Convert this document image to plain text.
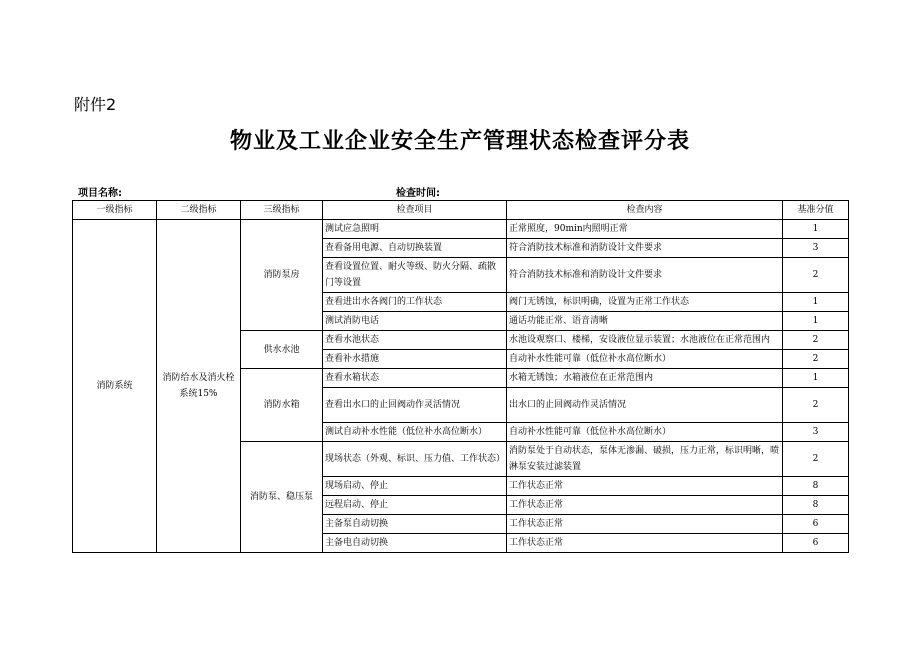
附件2
物业及工业企业安全生产管理状态检查评分表
项目名称:	检查时间:
一级指标	二级指标	三级指标	检查项目	检查内容	基准分值
消防系统	消防给水及消火栓系统15%	消防泵房	测试应急照明	正常照度，90min内照明正常	1
			查看备用电源、自动切换装置	符合消防技术标准和消防设计文件要求	3
			查看设置位置、耐火等级、防火分隔、疏散门等设置	符合消防技术标准和消防设计文件要求	2
			查看进出水各阀门的工作状态	阀门无锈蚀，标识明确，设置为正常工作状态	1
			测试消防电话	通话功能正常、语音清晰	1
		供水水池	查看水池状态	水池设观察口、楼梯，安设液位显示装置；水池液位在正常范围内	2
			查看补水措施	自动补水性能可靠（低位补水高位断水）	2
		消防水箱	查看水箱状态	水箱无锈蚀；水箱液位在正常范围内	1
			查看出水口的止回阀动作灵活情况	出水口的止回阀动作灵活情况	2
			测试自动补水性能（低位补水高位断水）	自动补水性能可靠（低位补水高位断水）	3
		消防泵、稳压泵	现场状态（外观、标识、压力值、工作状态）	消防泵处于自动状态，泵体无渗漏、破损，压力正常，标识明晰，喷淋泵安装过滤装置	2
			现场启动、停止	工作状态正常	8
			远程启动、停止	工作状态正常	8
			主备泵自动切换	工作状态正常	6
			主备电自动切换	工作状态正常	6
